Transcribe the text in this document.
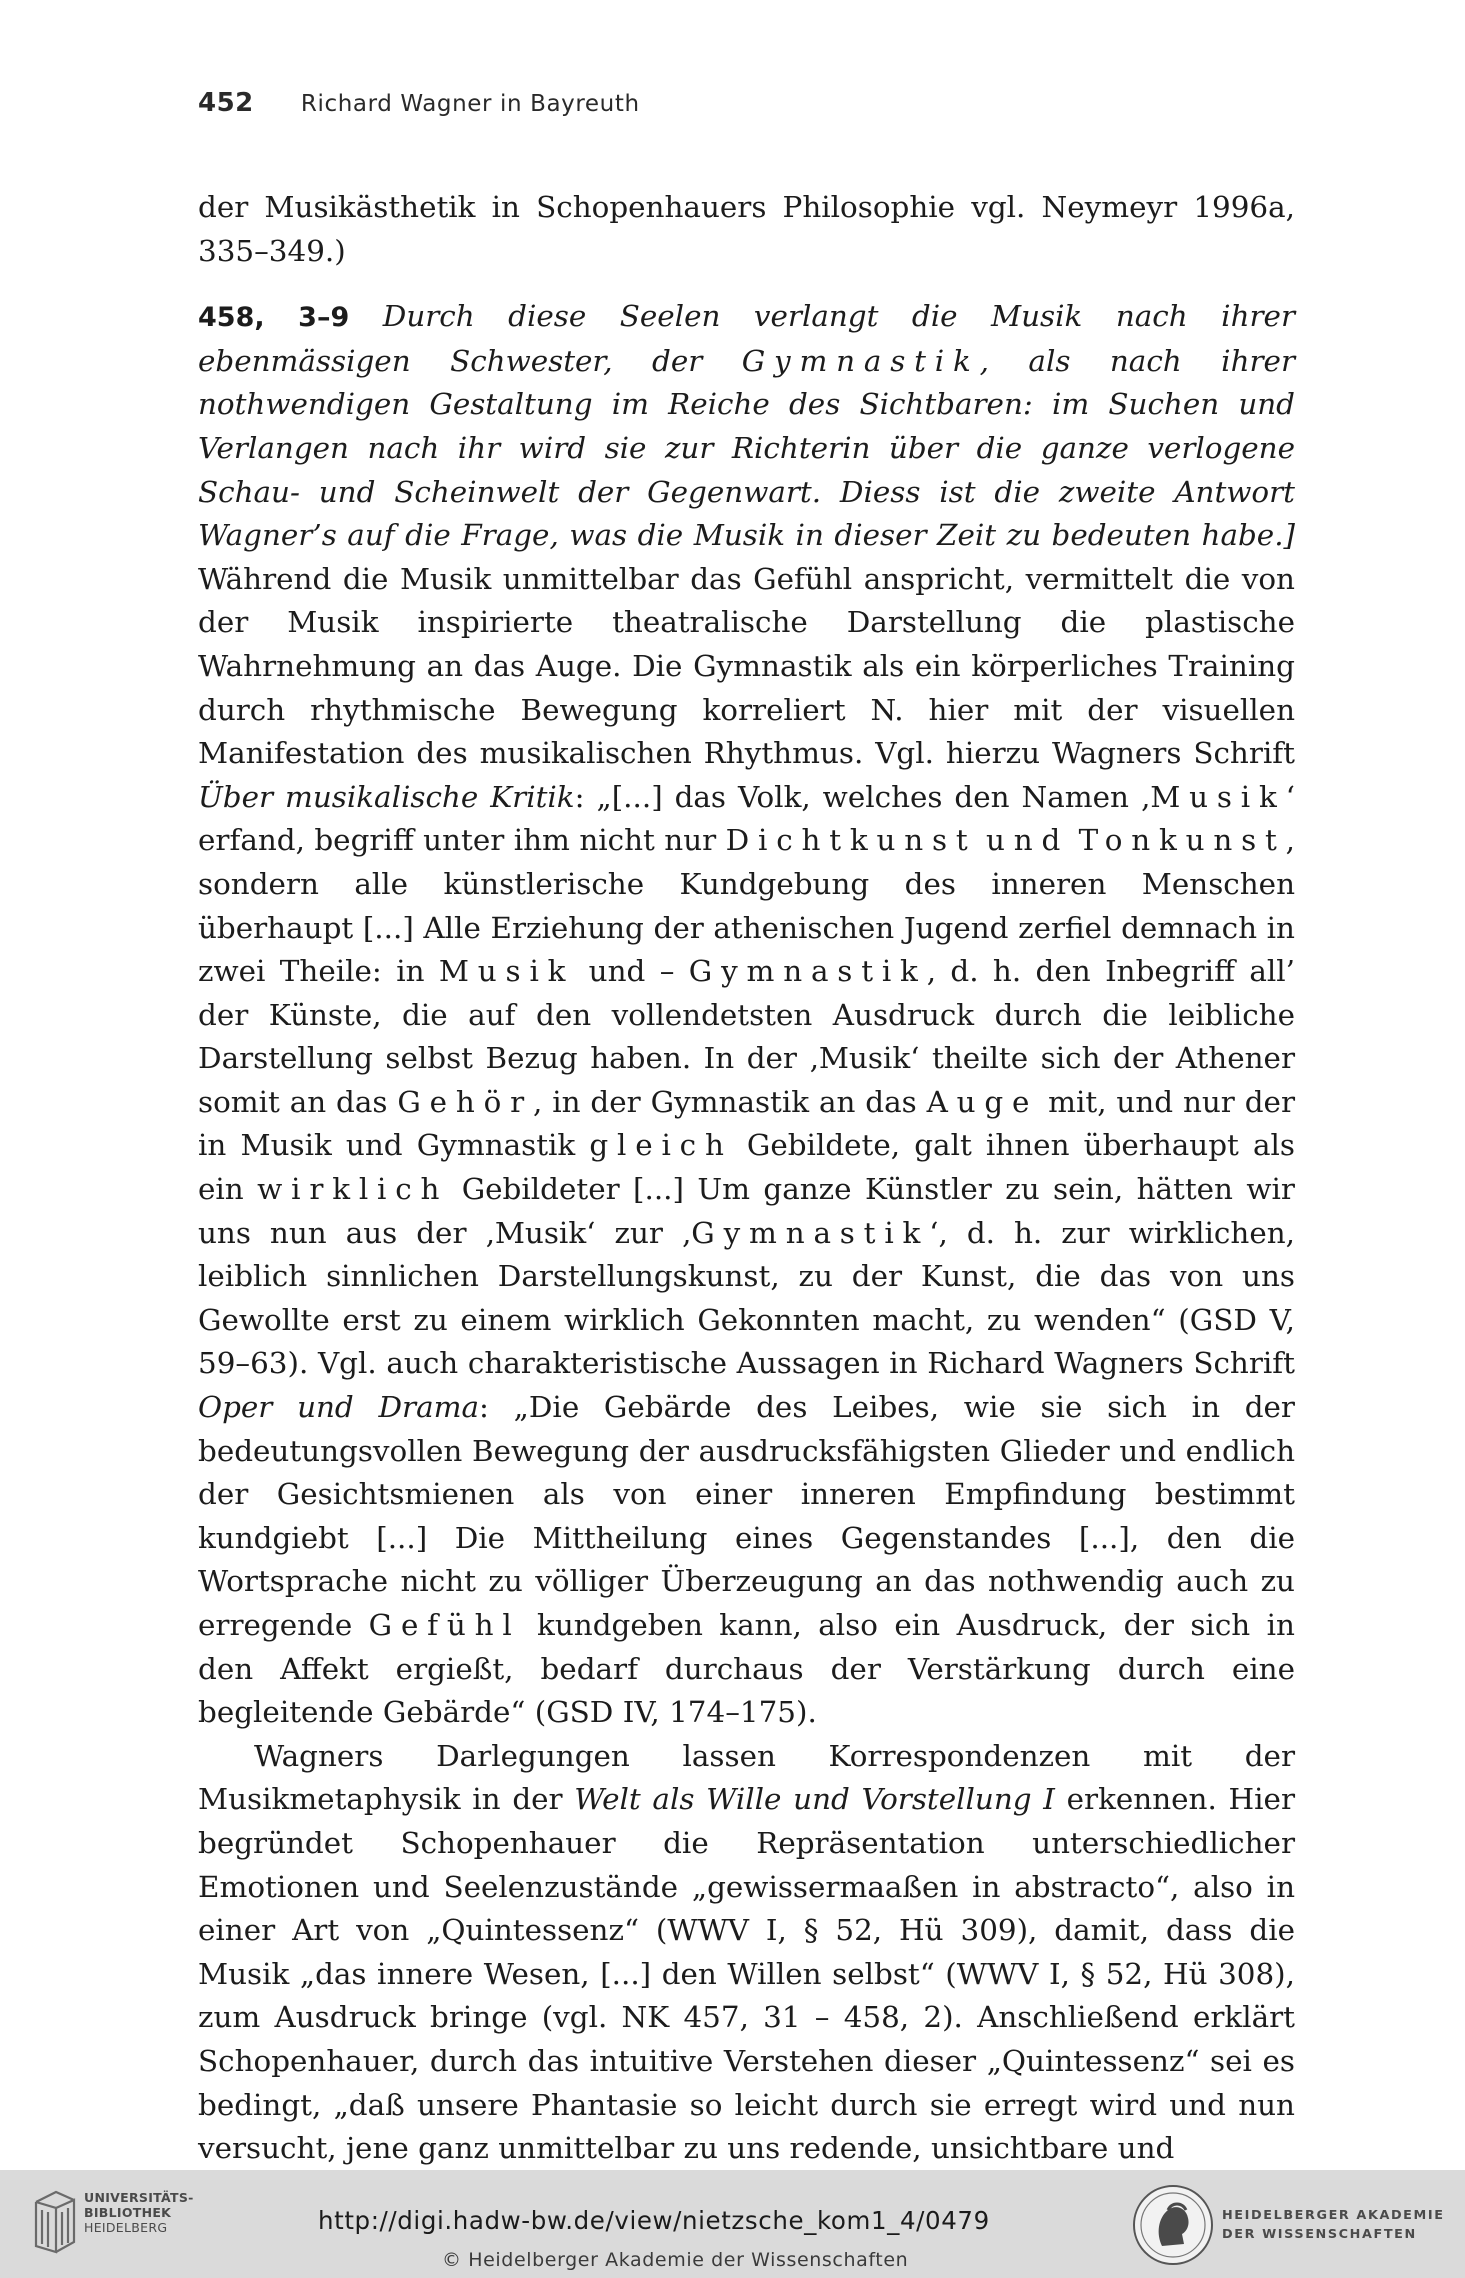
452 Richard Wagner in Bayreuth

der Musikästhetik in Schopenhauers Philosophie vgl. Neymeyr 1996a, 335–349.)

458, 3–9 Durch diese Seelen verlangt die Musik nach ihrer ebenmässigen Schwester, der Gymnastik, als nach ihrer nothwendigen Gestaltung im Reiche des Sichtbaren: im Suchen und Verlangen nach ihr wird sie zur Richterin über die ganze verlogene Schau- und Scheinwelt der Gegenwart. Diess ist die zweite Antwort Wagner’s auf die Frage, was die Musik in dieser Zeit zu bedeuten habe.] Während die Musik unmittelbar das Gefühl anspricht, vermittelt die von der Musik inspirierte theatralische Darstellung die plastische Wahrnehmung an das Auge. Die Gymnastik als ein körperliches Training durch rhythmische Bewegung korreliert N. hier mit der visuellen Manifestation des musikalischen Rhythmus. Vgl. hierzu Wagners Schrift Über musikalische Kritik: „[...] das Volk, welches den Namen ‚Musik‘ erfand, begriff unter ihm nicht nur Dichtkunst und Tonkunst, sondern alle künstlerische Kundgebung des inneren Menschen überhaupt [...] Alle Erziehung der athenischen Jugend zerfiel demnach in zwei Theile: in Musik und – Gymnastik, d. h. den Inbegriff all’ der Künste, die auf den vollendetsten Ausdruck durch die leibliche Darstellung selbst Bezug haben. In der ‚Musik‘ theilte sich der Athener somit an das Gehör, in der Gymnastik an das Auge mit, und nur der in Musik und Gymnastik gleich Gebildete, galt ihnen überhaupt als ein wirklich Gebildeter [...] Um ganze Künstler zu sein, hätten wir uns nun aus der ‚Musik‘ zur ‚Gymnastik‘, d. h. zur wirklichen, leiblich sinnlichen Darstellungskunst, zu der Kunst, die das von uns Gewollte erst zu einem wirklich Gekonnten macht, zu wenden“ (GSD V, 59–63). Vgl. auch charakteristische Aussagen in Richard Wagners Schrift Oper und Drama: „Die Gebärde des Leibes, wie sie sich in der bedeutungsvollen Bewegung der ausdrucksfähigsten Glieder und endlich der Gesichtsmienen als von einer inneren Empfindung bestimmt kundgiebt [...] Die Mittheilung eines Gegenstandes [...], den die Wortsprache nicht zu völliger Überzeugung an das nothwendig auch zu erregende Gefühl kundgeben kann, also ein Ausdruck, der sich in den Affekt ergießt, bedarf durchaus der Verstärkung durch eine begleitende Gebärde“ (GSD IV, 174–175).

Wagners Darlegungen lassen Korrespondenzen mit der Musikmetaphysik in der Welt als Wille und Vorstellung I erkennen. Hier begründet Schopenhauer die Repräsentation unterschiedlicher Emotionen und Seelenzustände „gewissermaaßen in abstracto“, also in einer Art von „Quintessenz“ (WWV I, § 52, Hü 309), damit, dass die Musik „das innere Wesen, [...] den Willen selbst“ (WWV I, § 52, Hü 308), zum Ausdruck bringe (vgl. NK 457, 31 – 458, 2). Anschließend erklärt Schopenhauer, durch das intuitive Verstehen dieser „Quintessenz“ sei es bedingt, „daß unsere Phantasie so leicht durch sie erregt wird und nun versucht, jene ganz unmittelbar zu uns redende, unsichtbare und

UNIVERSITÄTS-
BIBLIOTHEK
HEIDELBERG	http://digi.hadw-bw.de/view/nietzsche_kom1_4/0479
© Heidelberger Akademie der Wissenschaften
HEIDELBERGER AKADEMIE
DER WISSENSCHAFTEN
